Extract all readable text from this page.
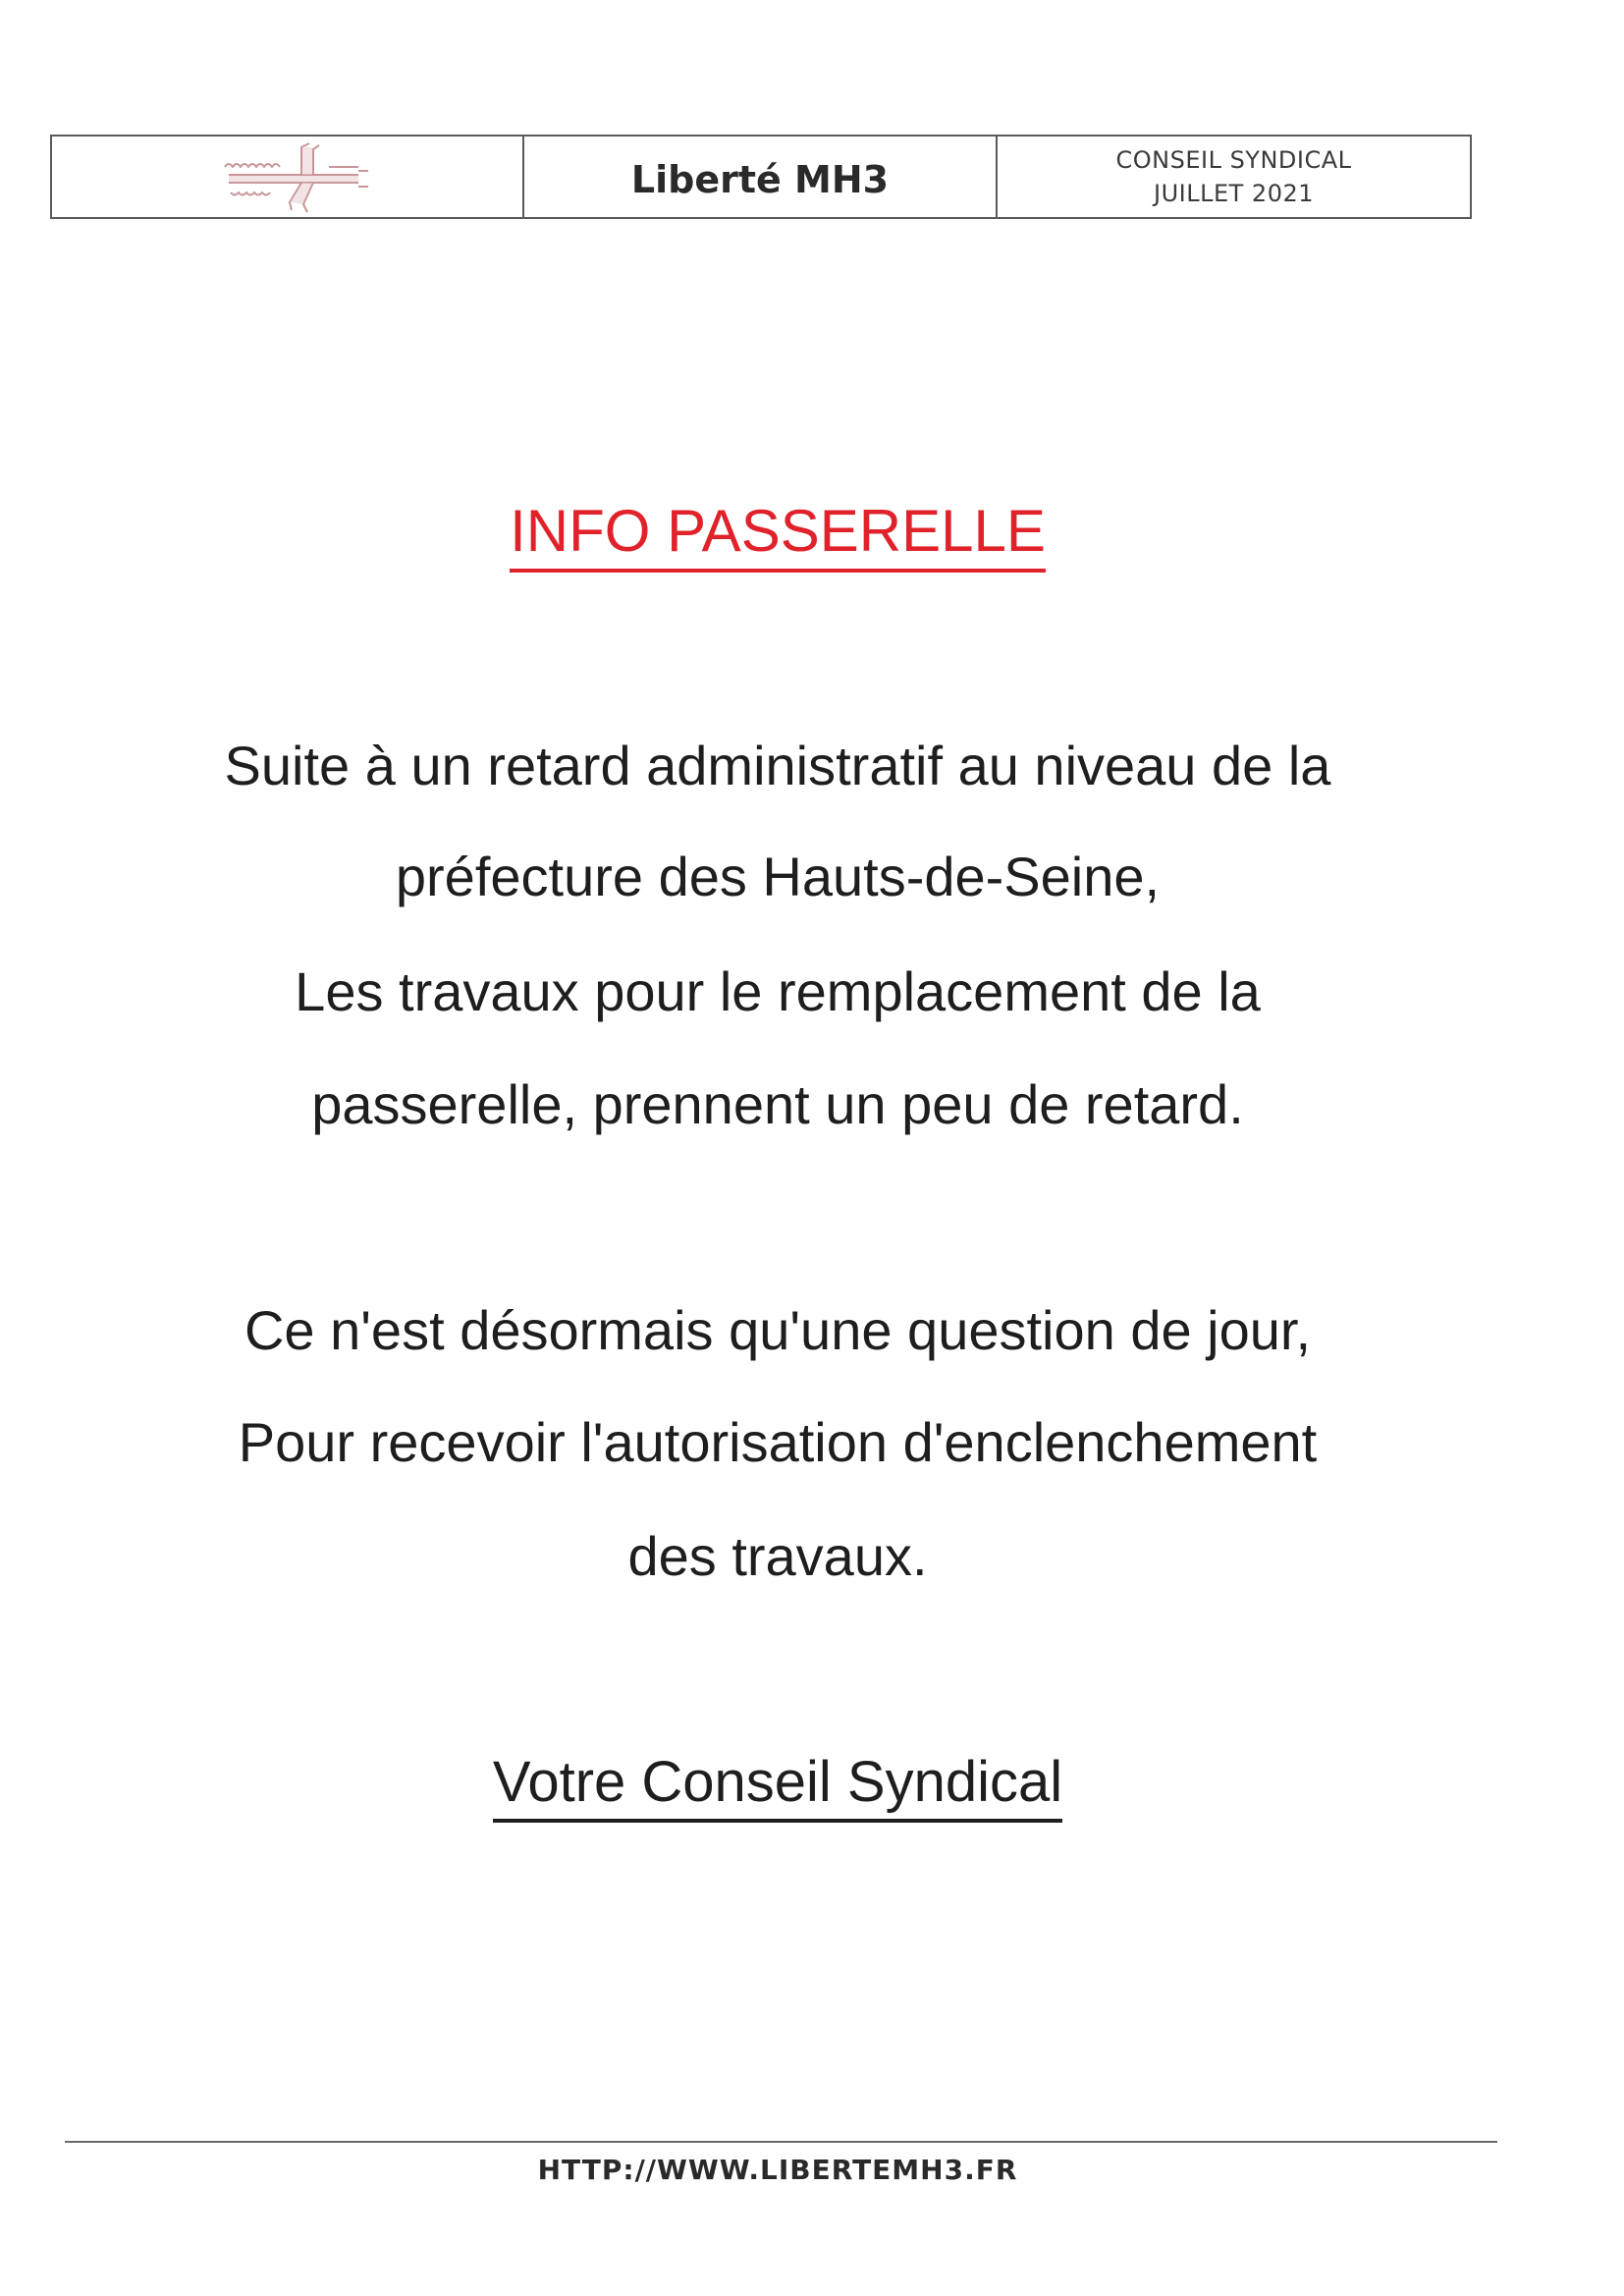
Liberté MH3	CONSEIL SYNDICAL
JUILLET 2021
INFO PASSERELLE
Suite à un retard administratif au niveau de la
préfecture des Hauts-de-Seine,
Les travaux pour le remplacement de la
passerelle, prennent un peu de retard.
Ce n'est désormais qu'une question de jour,
Pour recevoir l'autorisation d'enclenchement
des travaux.
Votre Conseil Syndical
HTTP://WWW.LIBERTEMH3.FR
